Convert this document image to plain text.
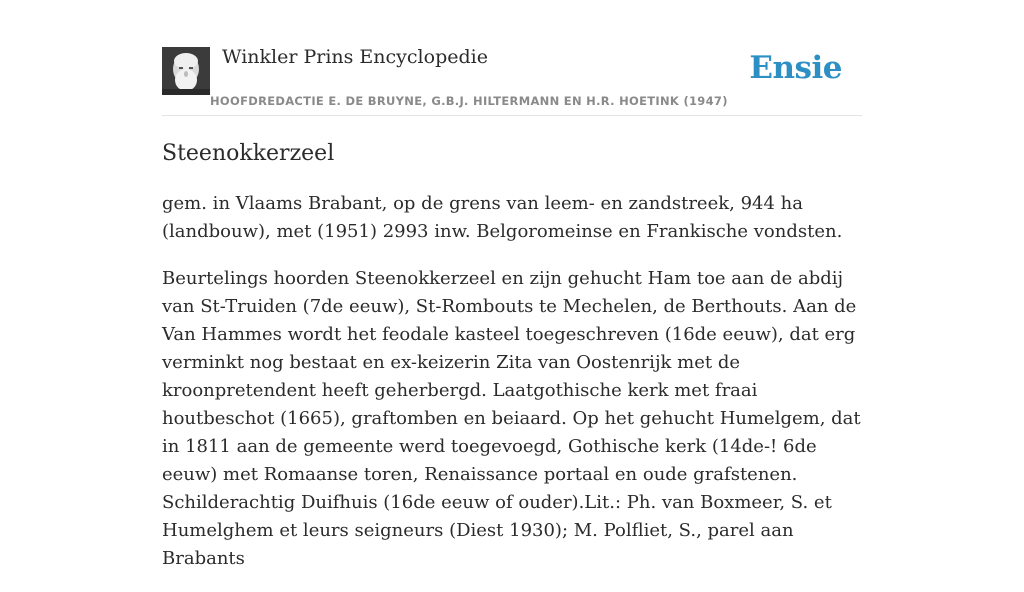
Winkler Prins Encyclopedie
HOOFDREDACTIE E. DE BRUYNE, G.B.J. HILTERMANN EN H.R. HOETINK (1947)
Ensie
Steenokkerzeel

gem. in Vlaams Brabant, op de grens van leem- en zandstreek, 944 ha (landbouw), met (1951) 2993 inw. Belgoromeinse en Frankische vondsten.

Beurtelings hoorden Steenokkerzeel en zijn gehucht Ham toe aan de abdij van St-Truiden (7de eeuw), St-Rombouts te Mechelen, de Berthouts. Aan de Van Hammes wordt het feodale kasteel toegeschreven (16de eeuw), dat erg verminkt nog bestaat en ex-keizerin Zita van Oostenrijk met de kroonpretendent heeft geherbergd. Laatgothische kerk met fraai houtbeschot (1665), graftomben en beiaard. Op het gehucht Humelgem, dat in 1811 aan de gemeente werd toegevoegd, Gothische kerk (14de-! 6de eeuw) met Romaanse toren, Renaissance portaal en oude grafstenen. Schilderachtig Duifhuis (16de eeuw of ouder).Lit.: Ph. van Boxmeer, S. et Humelghem et leurs seigneurs (Diest 1930); M. Polfliet, S., parel aan Brabants
